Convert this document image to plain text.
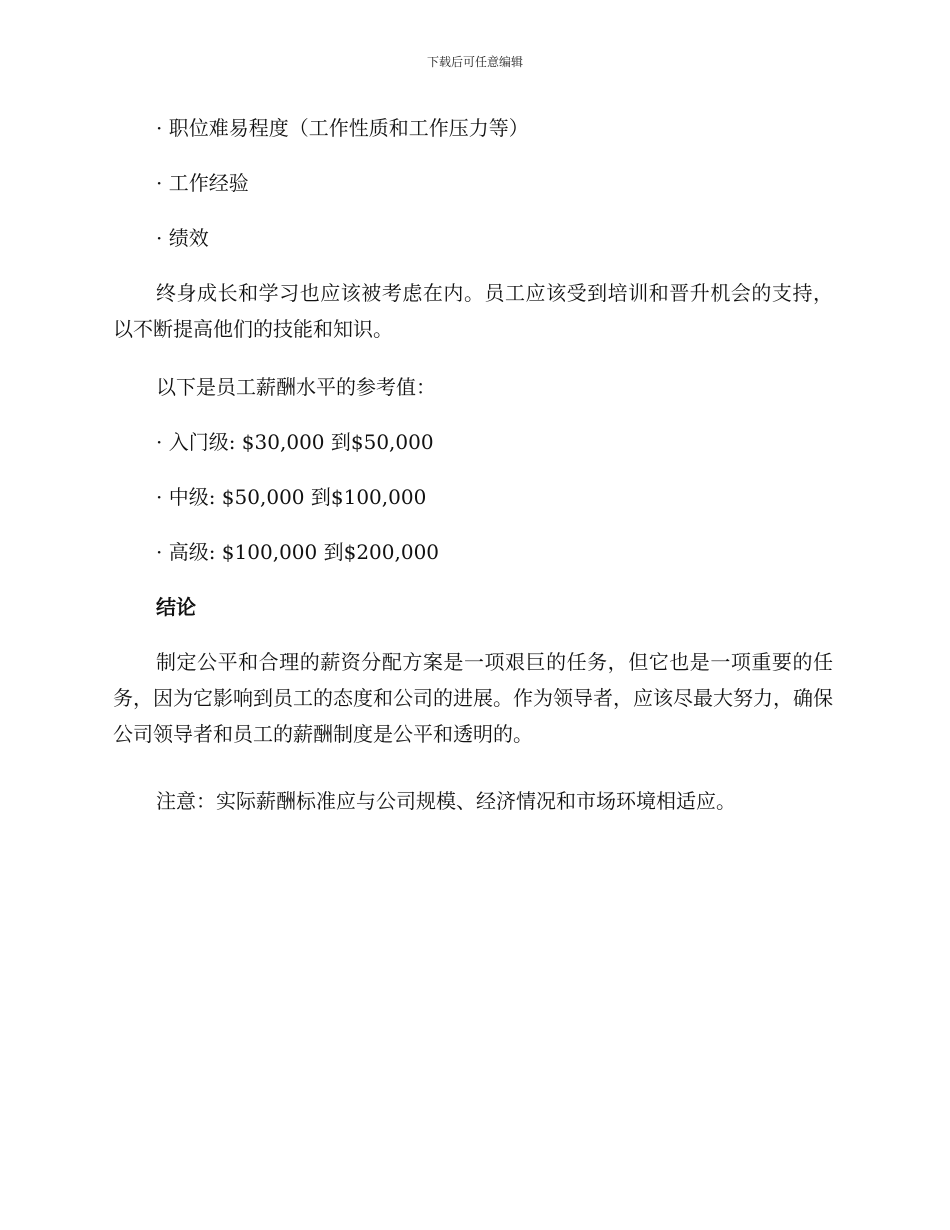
下载后可任意编辑
· 职位难易程度（工作性质和工作压力等）
· 工作经验
· 绩效
终身成长和学习也应该被考虑在内。员工应该受到培训和晋升机会的支持，以不断提高他们的技能和知识。
以下是员工薪酬水平的参考值：
· 入门级: $30,000 到$50,000
· 中级: $50,000 到$100,000
· 高级: $100,000 到$200,000
结论
制定公平和合理的薪资分配方案是一项艰巨的任务，但它也是一项重要的任务，因为它影响到员工的态度和公司的进展。作为领导者，应该尽最大努力，确保公司领导者和员工的薪酬制度是公平和透明的。
注意：实际薪酬标准应与公司规模、经济情况和市场环境相适应。
